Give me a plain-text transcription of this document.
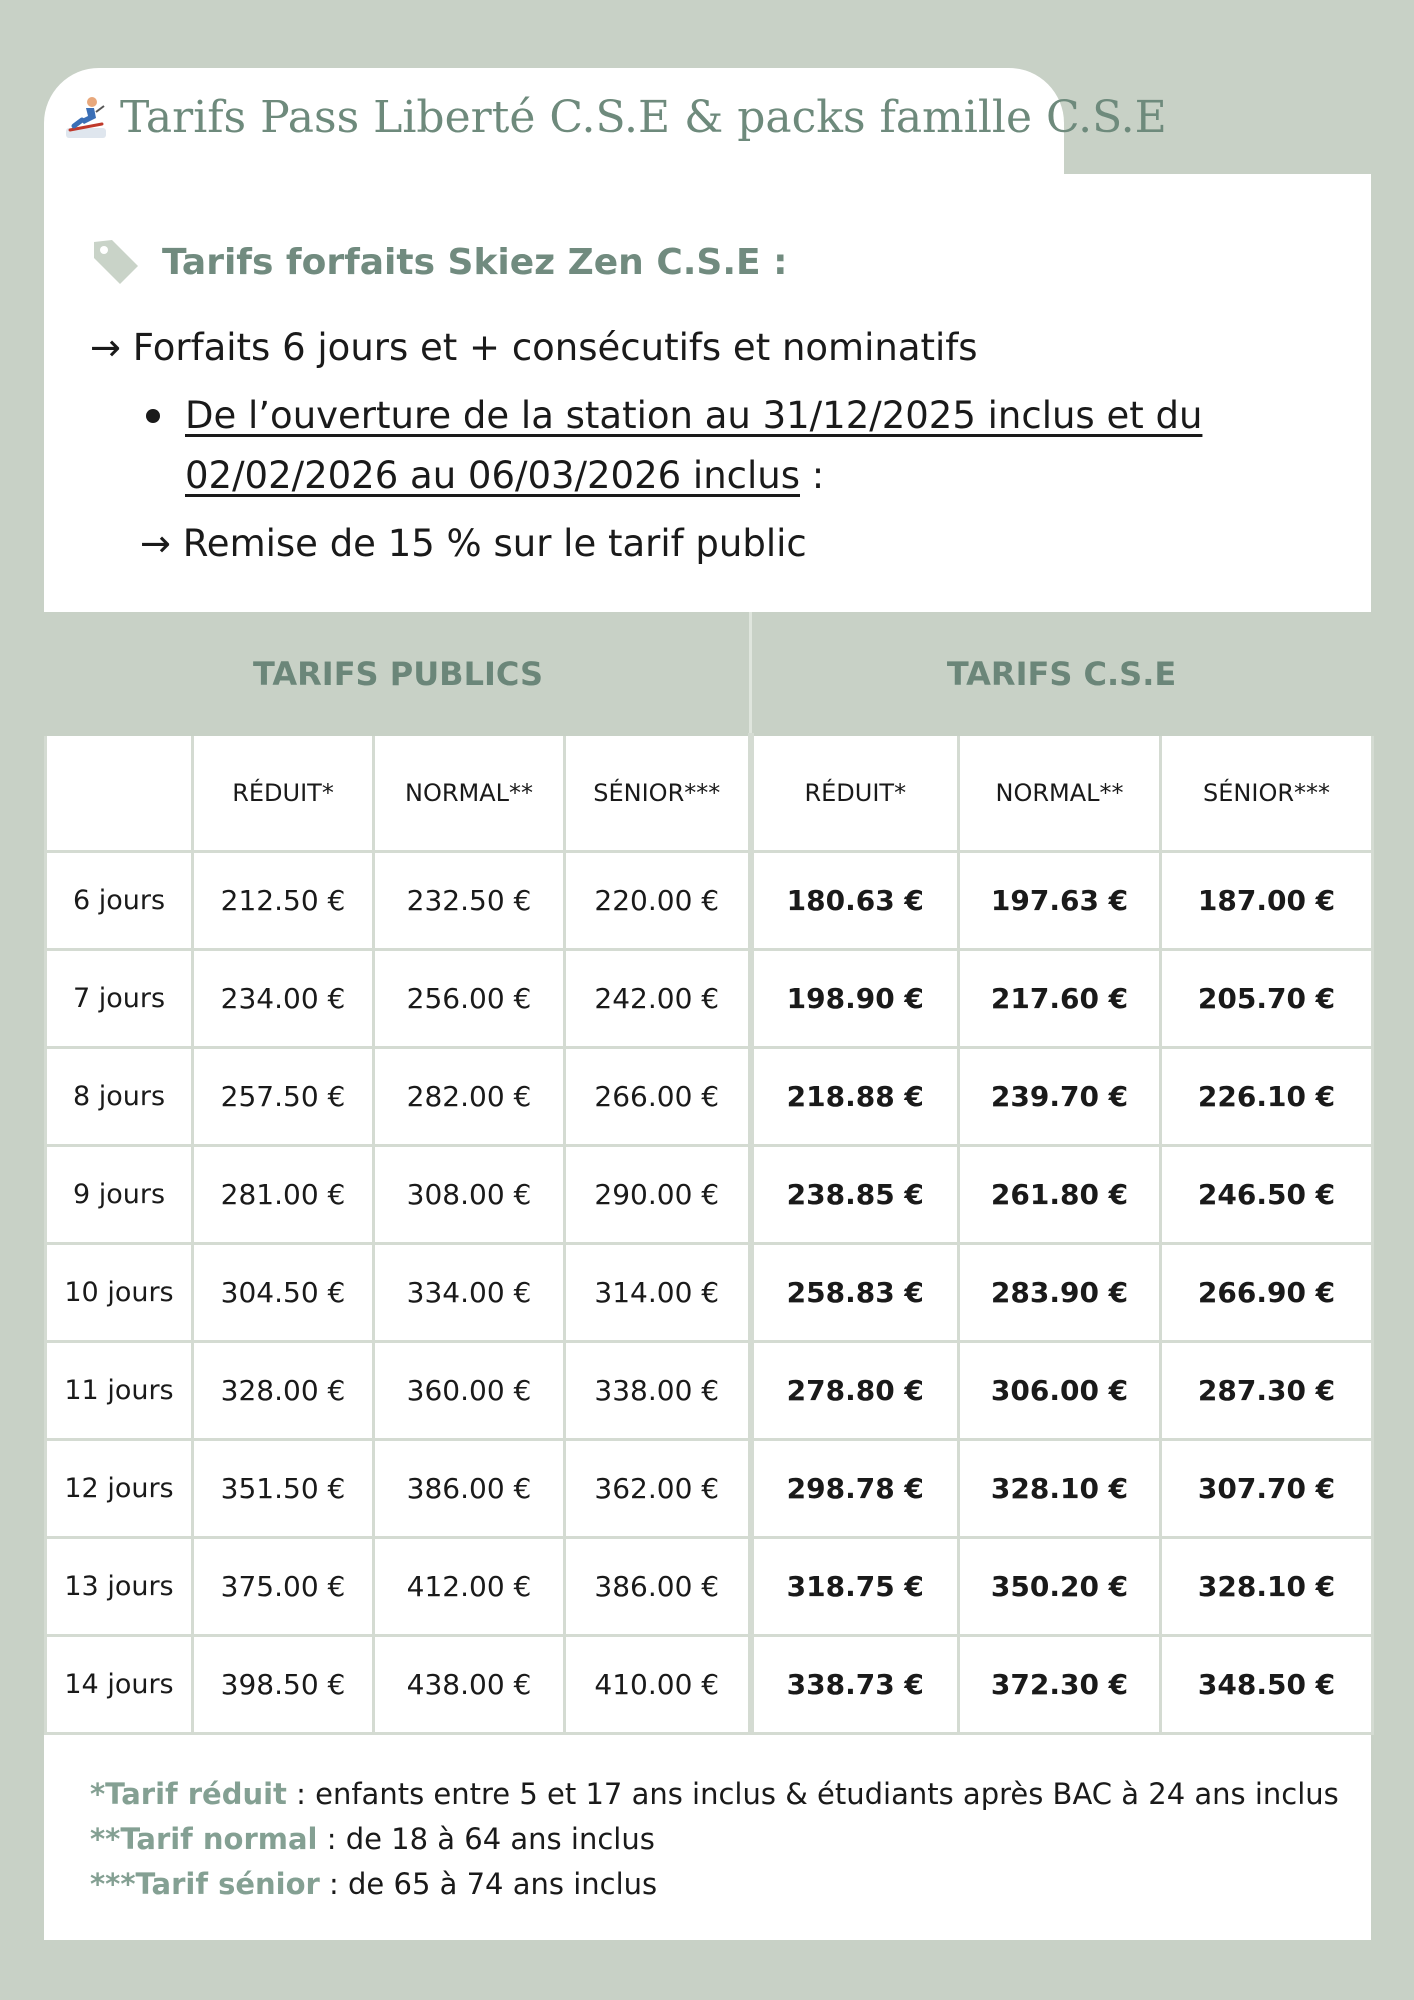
Tarifs Pass Liberté C.S.E & packs famille C.S.E
Tarifs forfaits Skiez Zen C.S.E :
→ Forfaits 6 jours et + consécutifs et nominatifs
De l’ouverture de la station au 31/12/2025 inclus et du
02/02/2026 au 06/03/2026 inclus :
→ Remise de 15 % sur le tarif public
TARIFS PUBLICS				TARIFS C.S.E		
	RÉDUIT*	NORMAL**	SÉNIOR***	RÉDUIT*	NORMAL**	SÉNIOR***
6 jours	212.50 €	232.50 €	220.00 €	180.63 €	197.63 €	187.00 €
7 jours	234.00 €	256.00 €	242.00 €	198.90 €	217.60 €	205.70 €
8 jours	257.50 €	282.00 €	266.00 €	218.88 €	239.70 €	226.10 €
9 jours	281.00 €	308.00 €	290.00 €	238.85 €	261.80 €	246.50 €
10 jours	304.50 €	334.00 €	314.00 €	258.83 €	283.90 €	266.90 €
11 jours	328.00 €	360.00 €	338.00 €	278.80 €	306.00 €	287.30 €
12 jours	351.50 €	386.00 €	362.00 €	298.78 €	328.10 €	307.70 €
13 jours	375.00 €	412.00 €	386.00 €	318.75 €	350.20 €	328.10 €
14 jours	398.50 €	438.00 €	410.00 €	338.73 €	372.30 €	348.50 €
*Tarif réduit : enfants entre 5 et 17 ans inclus & étudiants après BAC à 24 ans inclus
**Tarif normal : de 18 à 64 ans inclus
***Tarif sénior : de 65 à 74 ans inclus
